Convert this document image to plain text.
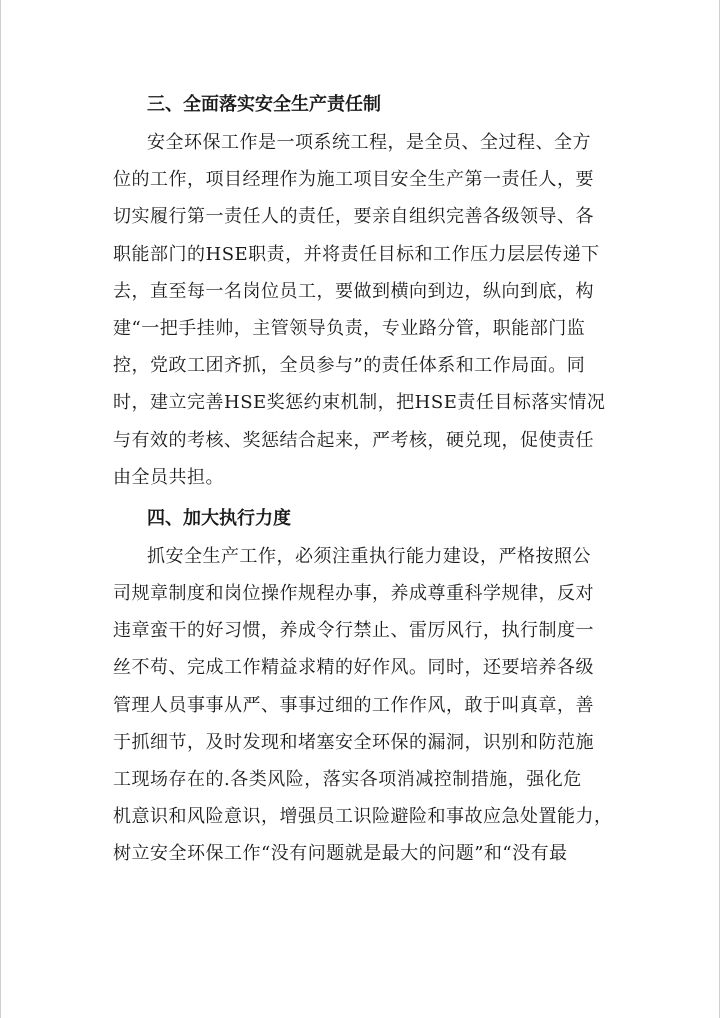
三、全面落实安全生产责任制
安全环保工作是一项系统工程，是全员、全过程、全方
位的工作，项目经理作为施工项目安全生产第一责任人，要
切实履行第一责任人的责任，要亲自组织完善各级领导、各
职能部门的HSE职责，并将责任目标和工作压力层层传递下
去，直至每一名岗位员工，要做到横向到边，纵向到底，构
建“一把手挂帅，主管领导负责，专业路分管，职能部门监
控，党政工团齐抓，全员参与”的责任体系和工作局面。同
时，建立完善HSE奖惩约束机制，把HSE责任目标落实情况
与有效的考核、奖惩结合起来，严考核，硬兑现，促使责任
由全员共担。
四、加大执行力度
抓安全生产工作，必须注重执行能力建设，严格按照公
司规章制度和岗位操作规程办事，养成尊重科学规律，反对
违章蛮干的好习惯，养成令行禁止、雷厉风行，执行制度一
丝不苟、完成工作精益求精的好作风。同时，还要培养各级
管理人员事事从严、事事过细的工作作风，敢于叫真章，善
于抓细节，及时发现和堵塞安全环保的漏洞，识别和防范施
工现场存在的.各类风险，落实各项消减控制措施，强化危
机意识和风险意识，增强员工识险避险和事故应急处置能力，
树立安全环保工作“没有问题就是最大的问题”和“没有最
